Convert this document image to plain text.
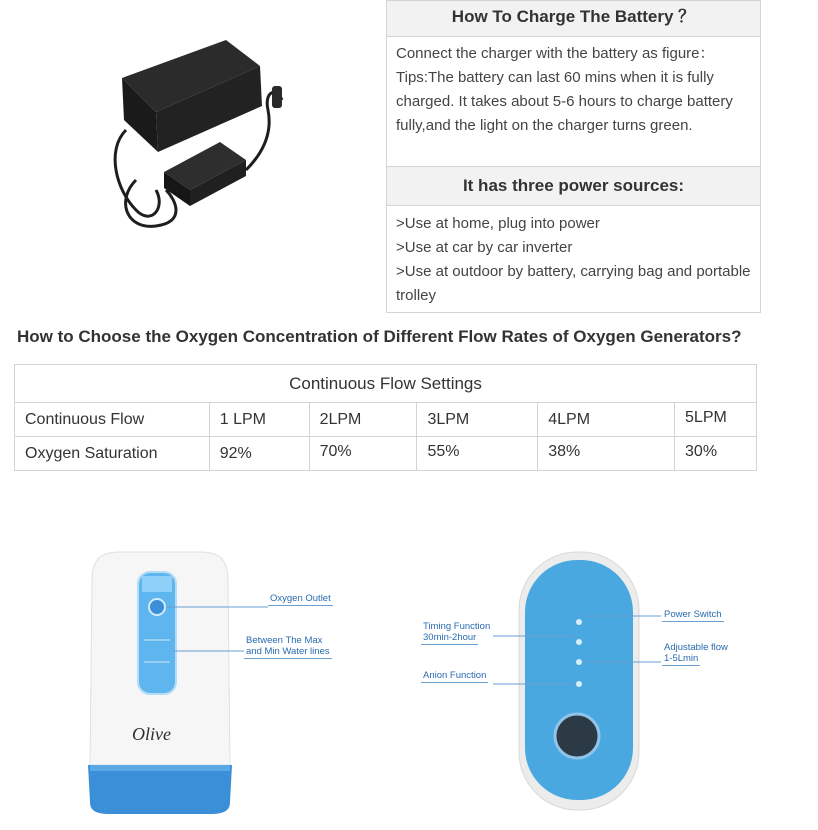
How To Charge The Battery ？
Connect the charger with the battery as figure：Tips:The battery can last 60 mins when it is fully charged. It takes about 5-6 hours to charge battery fully,and the light on the charger turns green.
It has three power sources:
>Use at home, plug into power
>Use at car by car inverter
>Use at outdoor by battery, carrying bag and portable trolley
How to Choose the Oxygen Concentration of Different Flow Rates of Oxygen Generators?
Continuous Flow Settings					
Continuous Flow	1 LPM	2LPM	3LPM	4LPM	5LPM
Oxygen Saturation	92%	70%	55%	38%	30%
Olive
Oxygen Outlet
Between The Max
and Min Water lines
Timing Function
30min-2hour
Anion Function
Power Switch
Adjustable flow
1-5Lmin
